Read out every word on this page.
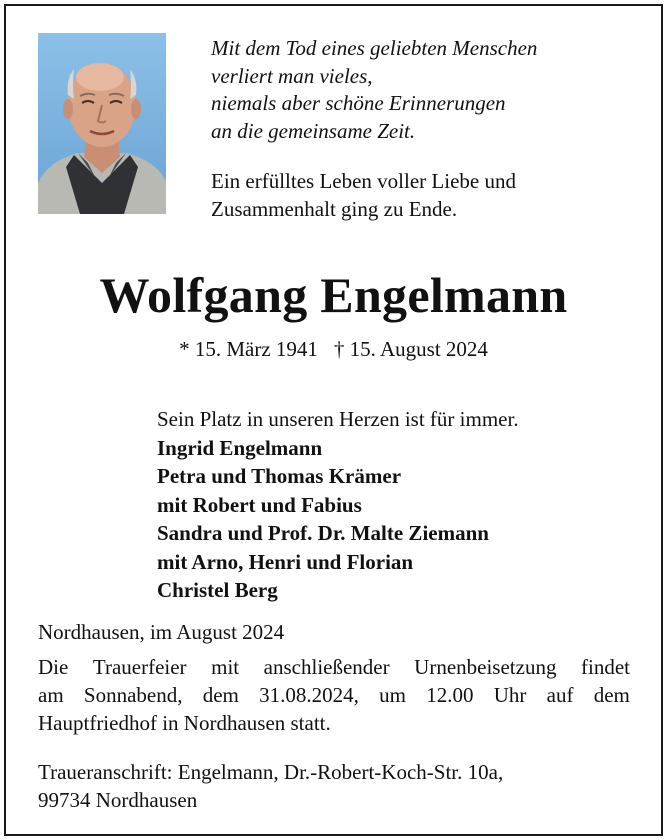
Mit dem Tod eines geliebten Menschen
verliert man vieles,
niemals aber schöne Erinnerungen
an die gemeinsame Zeit.
Ein erfülltes Leben voller Liebe und
Zusammenhalt ging zu Ende.
Wolfgang Engelmann
* 15. März 1941 † 15. August 2024
Sein Platz in unseren Herzen ist für immer.
Ingrid Engelmann
Petra und Thomas Krämer
mit Robert und Fabius
Sandra und Prof. Dr. Malte Ziemann
mit Arno, Henri und Florian
Christel Berg
Nordhausen, im August 2024
Die Trauerfeier mit anschließender Urnenbeisetzung findet
am Sonnabend, dem 31.08.2024, um 12.00 Uhr auf dem
Hauptfriedhof in Nordhausen statt.
Traueranschrift: Engelmann, Dr.-Robert-Koch-Str. 10a,
99734 Nordhausen
